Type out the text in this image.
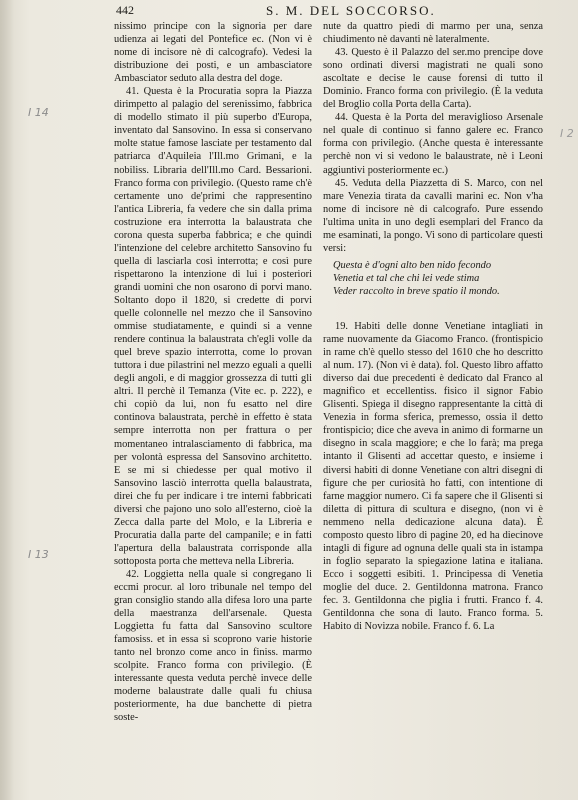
442	S. M. DEL SOCCORSO.
I 14
I 13
I 2

nissimo principe con la signoria per dare udienza ai legati del Pontefice ec. (Non vi è nome di incisore nè di calcografo). Vedesi la distribuzione dei posti, e un ambasciatore Ambasciator seduto alla destra del doge.

41. Questa è la Procuratia sopra la Piazza dirimpetto al palagio del serenissimo, fabbrica di modello stimato il più superbo d'Europa, inventato dal Sansovino. In essa si conservano molte statue famose lasciate per testamento dal patriarca d'Aquileia l'Ill.mo Grimani, e la nobiliss. Libraria dell'Ill.mo Card. Bessarioni. Franco forma con privilegio. (Questo rame ch'è certamente uno de'primi che rappresentino l'antica Libreria, fa vedere che sin dalla prima costruzione era interrotta la balaustrata che corona questa superba fabbrica; e che quindi l'intenzione del celebre architetto Sansovino fu quella di lasciarla così interrotta; e così pure rispettarono la intenzione di lui i posteriori grandi uomini che non osarono di porvi mano. Soltanto dopo il 1820, si credette di porvi quelle colonnelle nel mezzo che il Sansovino ommise studiatamente, e quindi si a venne rendere continua la balaustrata ch'egli volle da quel breve spazio interrotta, come lo provan tuttora i due pilastrini nel mezzo eguali a quelli degli angoli, e di maggior grossezza di tutti gli altri. Il perchè il Temanza (Vite ec. p. 222), e chi copiò da lui, non fu esatto nel dire continova balaustrata, perchè in effetto è stata sempre interrotta non per frattura o per momentaneo intralasciamento di fabbrica, ma per volontà espressa del Sansovino architetto. E se mi si chiedesse per qual motivo il Sansovino lasciò interrotta quella balaustrata, direi che fu per indicare i tre interni fabbricati diversi che pajono uno solo all'esterno, cioè la Zecca dalla parte del Molo, e la Libreria e Procuratia dalla parte del campanile; e in fatti l'apertura della balaustrata corrisponde alla sottoposta porta che metteva nella Libreria.

42. Loggietta nella quale si congregano li eccmi procur. al loro tribunale nel tempo del gran consiglio stando alla difesa loro una parte della maestranza dell'arsenale. Questa Loggietta fu fatta dal Sansovino scultore famosiss. et in essa si scoprono varie historie tanto nel bronzo come anco in finiss. marmo scolpite. Franco forma con privilegio. (È interessante questa veduta perchè invece delle moderne balaustrate dalle quali fu chiusa posteriormente, ha due banchette di pietra soste-

nute da quattro piedi di marmo per una, senza chiudimento nè davanti nè lateralmente.

43. Questo è il Palazzo del ser.mo prencipe dove sono ordinati diversi magistrati ne quali sono ascoltate e decise le cause forensi di tutto il Dominio. Franco forma con privilegio. (È la veduta del Broglio colla Porta della Carta).

44. Questa è la Porta del meraviglioso Arsenale nel quale di continuo si fanno galere ec. Franco forma con privilegio. (Anche questa è interessante perchè non vi si vedono le balaustrate, nè i Leoni aggiuntivi posteriormente ec.)

45. Veduta della Piazzetta di S. Marco, con nel mare Venezia tirata da cavalli marini ec. Non v'ha nome di incisore nè di calcografo. Pure essendo l'ultima unita in uno degli esemplari del Franco da me esaminati, la pongo. Vi sono di particolare questi versi:

Questa è d'ogni alto ben nido fecondo

Venetia et tal che chi lei vede stima

Veder raccolto in breve spatio il mondo.

19. Habiti delle donne Venetiane intagliati in rame nuovamente da Giacomo Franco. (frontispicio in rame ch'è quello stesso del 1610 che ho descritto al num. 17). (Non vi è data). fol. Questo libro affatto diverso dai due precedenti è dedicato dal Franco al magnifico et eccellentiss. fisico il signor Fabio Glisenti. Spiega il disegno rappresentante la città di Venezia in forma sferica, premesso, ossia il detto frontispicio; dice che aveva in animo di formarne un disegno in scala maggiore; e che lo farà; ma prega intanto il Glisenti ad accettar questo, e insieme i diversi habiti di donne Venetiane con altri disegni di figure che per curiosità ho fatti, con intentione di farne maggior numero. Ci fa sapere che il Glisenti si diletta di pittura di scultura e disegno, (non vi è nemmeno nella dedicazione alcuna data). È composto questo libro di pagine 20, ed ha diecinove intagli di figure ad ognuna delle quali sta in istampa in foglio separato la spiegazione latina e italiana. Ecco i soggetti esibiti. 1. Principessa di Venetia moglie del duce. 2. Gentildonna matrona. Franco fec. 3. Gentildonna che piglia i frutti. Franco f. 4. Gentildonna che sona di lauto. Franco forma. 5. Habito di Novizza nobile. Franco f. 6. La
